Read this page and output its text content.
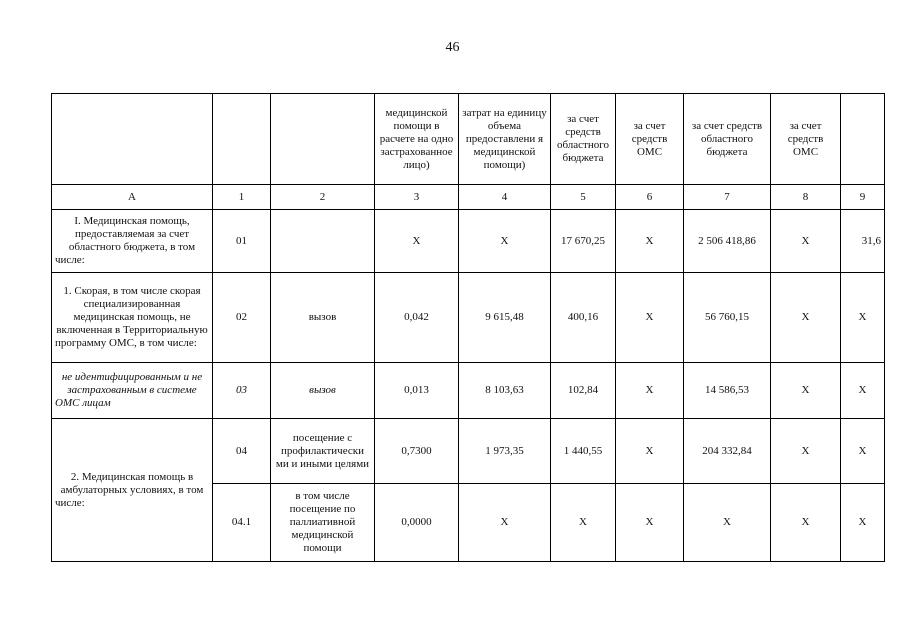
46
			медицинской помощи в расчете на одно застрахованное лицо)	затрат на единицу объема предоставлени я медицинской помощи)	за счет средств областного бюджета	за счет средств ОМС	за счет средств областного бюджета	за счет средств ОМС	
А	1	2	3	4	5	6	7	8	9
I. Медицинская помощь, предоставляемая за счет областного бюджета, в том числе:	01		X	X	17 670,25	X	2 506 418,86	X	31,6
1. Скорая, в том числе скорая специализированная медицинская помощь, не включенная в Территориальную программу ОМС, в том числе:	02	вызов	0,042	9 615,48	400,16	X	56 760,15	X	X
не идентифицированным и не застрахованным в системе ОМС лицам	03	вызов	0,013	8 103,63	102,84	X	14 586,53	X	X
2. Медицинская помощь в амбулаторных условиях, в том числе:	04	посещение с профилактически ми и иными целями	0,7300	1 973,35	1 440,55	X	204 332,84	X	X
	04.1	в том числе посещение по паллиативной медицинской помощи	0,0000	X	X	X	X	X	X
